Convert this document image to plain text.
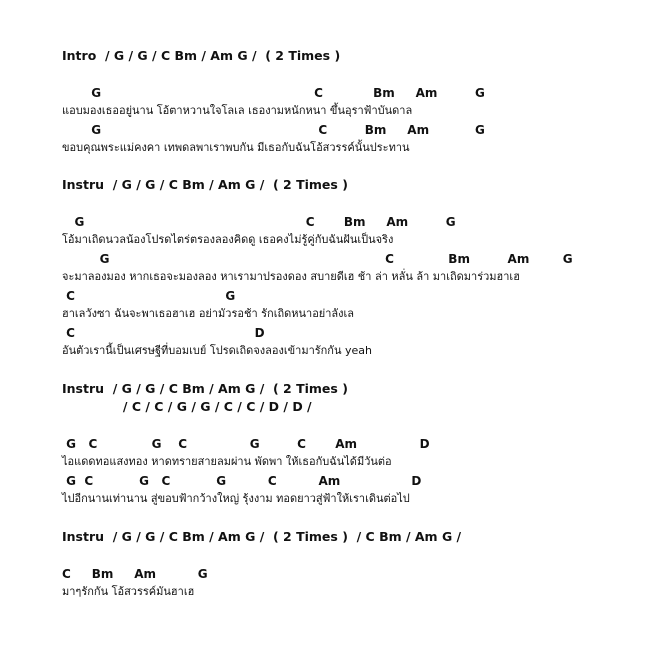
Intro  / G / G / C Bm / Am G /  ( 2 Times )
G                                                   C            Bm     Am         G
แอบมองเธออยู่นาน โอ้ตาหวานใจโลเล เธองามหนักหนา ขึ้นอุราฟ้าบันดาล
G                                                    C         Bm     Am           G
ขอบคุณพระแม่คงคา เทพดลพาเราพบกัน มีเธอกับฉันโอ้สวรรค์นั้นประทาน
Instru  / G / G / C Bm / Am G /  ( 2 Times )
G                                                     C       Bm     Am         G
โอ้มาเถิดนวลน้องโปรดไตร่ตรองลองคิดดู เธอคงไม่รู้คู่กับฉันฝันเป็นจริง
G                                                                  C             Bm         Am        G
จะมาลองมอง หากเธอจะมองลอง หาเรามาปรองดอง สบายดีเฮ ช้า ล่า หลั่น ล้า มาเถิดมาร่วมฮาเฮ
C                                    G
ฮาเลวังซา ฉันจะพาเธอฮาเฮ อย่ามัวรอช้า รักเถิดหนาอย่าลังเล
C                                           D
อันตัวเรานี้เป็นเศรษฐีที่บอมเบย์ โปรดเถิดจงลองเข้ามารักกัน yeah
Instru  / G / G / C Bm / Am G /  ( 2 Times )
/ C / C / G / G / C / C / D / D /
G   C             G    C               G         C       Am               D
ไอแดดทอแสงทอง หาดทรายสายลมผ่าน พัดพา ให้เธอกับฉันได้มีวันต่อ
G  C           G   C           G          C          Am                 D
ไปอีกนานเท่านาน สู่ขอบฟ้ากว้างใหญ่ รุ้งงาม ทอดยาวสู่ฟ้าให้เราเดินต่อไป
Instru  / G / G / C Bm / Am G /  ( 2 Times )  / C Bm / Am G /
C     Bm     Am          G
มาๆรักกัน โอ้สวรรค์มันฮาเฮ
